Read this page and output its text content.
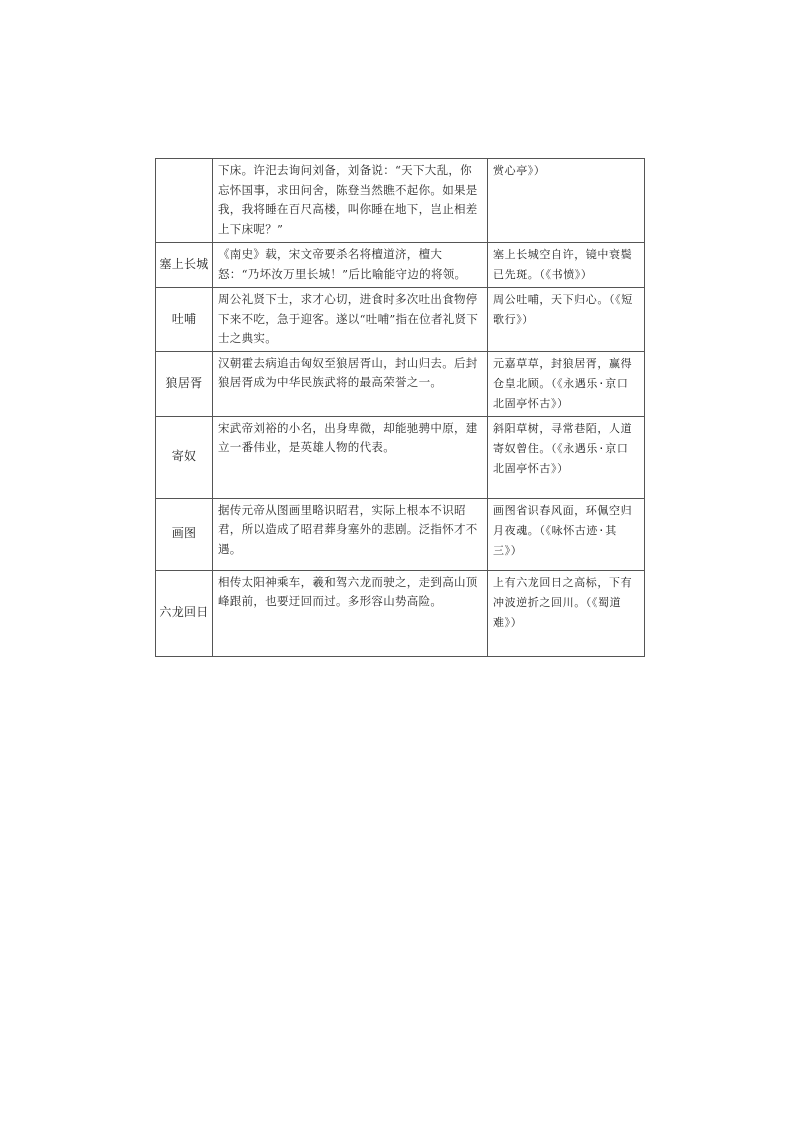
	下床。许汜去询问刘备，刘备说：“天下大乱，你忘怀国事，求田问舍，陈登当然瞧不起你。如果是我，我将睡在百尺高楼，叫你睡在地下，岂止相差上下床呢？”	赏心亭》）
塞上长城	《南史》载，宋文帝要杀名将檀道济，檀大怒：“乃坏汝万里长城！”后比喻能守边的将领。	塞上长城空自许，镜中衰鬓已先斑。（《书愤》）
吐哺	周公礼贤下士，求才心切，进食时多次吐出食物停下来不吃，急于迎客。遂以“吐哺”指在位者礼贤下士之典实。	周公吐哺，天下归心。（《短歌行》）
狼居胥	汉朝霍去病追击匈奴至狼居胥山，封山归去。后封狼居胥成为中华民族武将的最高荣誉之一。	元嘉草草，封狼居胥，赢得仓皇北顾。（《永遇乐·京口北固亭怀古》）
寄奴	宋武帝刘裕的小名，出身卑微，却能驰骋中原，建立一番伟业，是英雄人物的代表。	斜阳草树，寻常巷陌，人道寄奴曾住。（《永遇乐·京口北固亭怀古》）
画图	据传元帝从图画里略识昭君，实际上根本不识昭君，所以造成了昭君葬身塞外的悲剧。泛指怀才不遇。	画图省识春风面，环佩空归月夜魂。（《咏怀古迹·其三》）
六龙回日	相传太阳神乘车，羲和驾六龙而驶之，走到高山顶峰跟前，也要迂回而过。多形容山势高险。	上有六龙回日之高标，下有冲波逆折之回川。（《蜀道难》）
